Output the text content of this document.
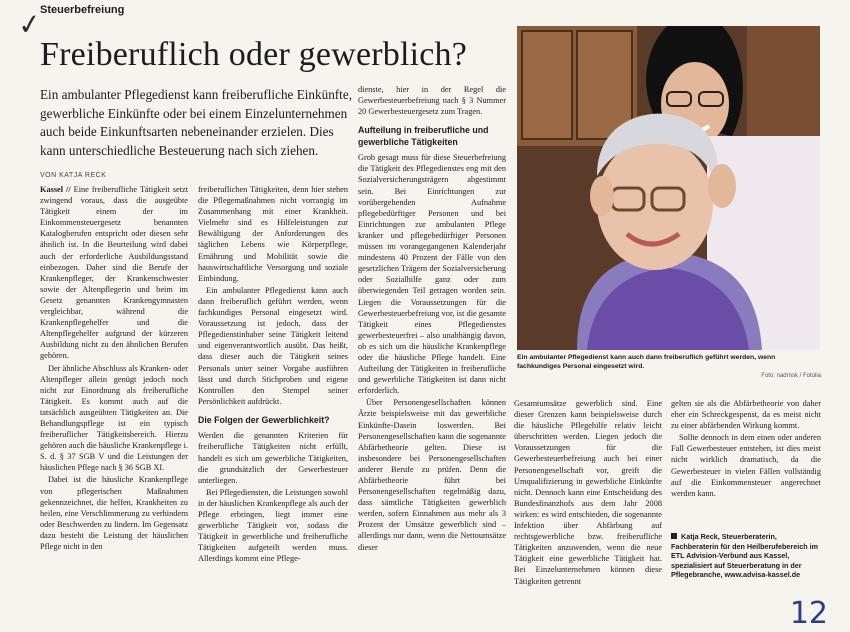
✓
Steuerbefreiung
Freiberuflich oder gewerblich?

Ein ambulanter Pflegedienst kann freiberufliche Einkünfte, gewerbliche Einkünfte oder bei einem Einzelunternehmen auch beide Einkunftsarten nebeneinander erzielen. Dies kann unterschiedliche Besteuerung nach sich ziehen.

VON KATJA RECK

Kassel // Eine freiberufliche Tätigkeit setzt zwingend voraus, dass die ausgeübte Tätigkeit einem der im Einkommensteuergesetz benannten Katalogberufen entspricht oder diesen sehr ähnlich ist. In die Beurteilung wird dabei auch der erforderliche Ausbildungsstand einbezogen. Daher sind die Berufe der Krankenpfleger, der Krankenschwester sowie der Altenpflegerin und beim im Gesetz genannten Krankengymnasten vergleichbar, während die Krankenpflegehelfer und die Altenpflegehelfer aufgrund der kürzeren Ausbildung nicht zu den ähnlichen Berufen gehören.

Der ähnliche Abschluss als Kranken- oder Altenpfleger allein genügt jedoch noch nicht zur Einordnung als freiberufliche Tätigkeit. Es kommt auch auf die tatsächlich ausgeübten Tätigkeiten an. Die Behandlungspflege ist ein typisch freiberuflicher Tätigkeitsbereich. Hierzu gehören auch die häusliche Krankenpflege i. S. d. § 37 SGB V und die Leistungen der häuslichen Pflege nach § 36 SGB XI.

Dabei ist die häusliche Krankenpflege von pflegerischen Maßnahmen gekennzeichnet, die helfen, Krankheiten zu heilen, eine Verschlimmerung zu verhindern oder Beschwerden zu lindern. Im Gegensatz dazu besteht die Leistung der häuslichen Pflege nicht in den

freiberuflichen Tätigkeiten, denn hier stehen die Pflegemaßnahmen nicht vorrangig im Zusammenhang mit einer Krankheit. Vielmehr sind es Hilfeleistungen zur Bewältigung der Anforderungen des täglichen Lebens wie Körperpflege, Ernährung und Mobilität sowie die hauswirtschaftliche Versorgung und soziale Einbindung.

Ein ambulanter Pflegedienst kann auch dann freiberuflich geführt werden, wenn fachkundiges Personal eingesetzt wird. Voraussetzung ist jedoch, dass der Pflegedienstinhaber seine Tätigkeit leitend und eigenverantwortlich ausübt. Das heißt, dass dieser auch die Tätigkeit seines Personals unter seiner Vorgabe ausführen lässt und durch Stichproben und eigene Kontrollen den Stempel seiner Persönlichkeit aufdrückt.

Die Folgen der Gewerblichkeit?

Werden die genannten Kriterien für freiberufliche Tätigkeiten nicht erfüllt, handelt es sich um gewerbliche Tätigkeiten, die grundsätzlich der Gewerbesteuer unterliegen.

Bei Pflegediensten, die Leistungen sowohl in der häuslichen Krankenpflege als auch der Pflege erbringen, liegt immer eine gewerbliche Tätigkeit vor, sodass die Tätigkeit in gewerbliche und freiberufliche Tätigkeiten aufgeteilt werden muss. Allerdings kommt eine Pflege-

dienste, hier in der Regel die Gewerbesteuerbefreiung nach § 3 Nummer 20 Gewerbesteuergesetz zum Tragen.

Aufteilung in freiberufliche und gewerbliche Tätigkeiten

Grob gesagt muss für diese Steuerbefreiung die Tätigkeit des Pflegedienstes eng mit den Sozialversicherungsträgern abgestimmt sein. Bei Einrichtungen zur vorübergehenden Aufnahme pflegebedürftiger Personen und bei Einrichtungen zur ambulanten Pflege kranker und pflegebedürftiger Personen müssen im vorangegangenen Kalenderjahr mindestens 40 Prozent der Fälle von den gesetzlichen Trägern der Sozialversicherung oder Sozialhilfe ganz oder zum überwiegenden Teil getragen worden sein. Liegen die Voraussetzungen für die Gewerbesteuerbefreiung vor, ist die gesamte Tätigkeit eines Pflegedienstes gewerbesteuerfrei – also unabhängig davon, ob es sich um die häusliche Krankenpflege oder die häusliche Pflege handelt. Eine Aufteilung der Tätigkeiten in freiberufliche und gewerbliche Tätigkeiten ist dann nicht erforderlich.

Über Personengesellschaften können Ärzte beispielsweise mit das gewerbliche Einkünfte-Dasein loswerden. Bei Personengesellschaften kann die sogenannte Abfärbetheorie gelten. Diese ist insbesondere bei Personengesellschaften anderer Berufe zu prüfen. Denn die Abfärbetheorie führt bei Personengesellschaften regelmäßig dazu, dass sämtliche Tätigkeiten gewerblich werden, sofern Einnahmen aus mehr als 3 Prozent der Umsätze gewerblich sind – allerdings nur dann, wenn die Nettoumsätze dieser

Ein ambulanter Pflegedienst kann auch dann freiberuflich geführt werden, wenn fachkundiges Personal eingesetzt wird.
Foto: nadrnsk / Fotolia

Gesamtumsätze gewerblich sind. Eine dieser Grenzen kann beispielsweise durch die häusliche Pflegehilfe relativ leicht überschritten werden. Liegen jedoch die Voraussetzungen für die Gewerbesteuerbefreiung auch bei einer Personengesellschaft vor, greift die Umqualifizierung in gewerbliche Einkünfte nicht. Dennoch kann eine Entscheidung des Bundesfinanzhofs aus dem Jahr 2008 wirken: es wird entschieden, die sogenannte Infektion über Abfärbung auf rechtsgewerbliche bzw. freiberufliche Tätigkeiten anzuwenden, wenn die neue Tätigkeit eine gewerbliche Tätigkeit hat. Bei Einzelunternehmen können diese Tätigkeiten getrennt

gelten sie als die Abfärbetheorie von daher eher ein Schreckgespenst, da es meist nicht zu einer abfärbenden Wirkung kommt.

Sollte dennoch in dem einen oder anderen Fall Gewerbesteuer entstehen, ist dies meist nicht wirklich dramatisch, da die Gewerbesteuer in vielen Fällen vollständig auf die Einkommensteuer angerechnet werden kann.

Katja Reck, Steuerberaterin, Fachberaterin für den Heilberufebereich im ETL Advision-Verbund aus Kassel, spezialisiert auf Steuerberatung in der Pflegebranche, www.advisa-kassel.de
12
